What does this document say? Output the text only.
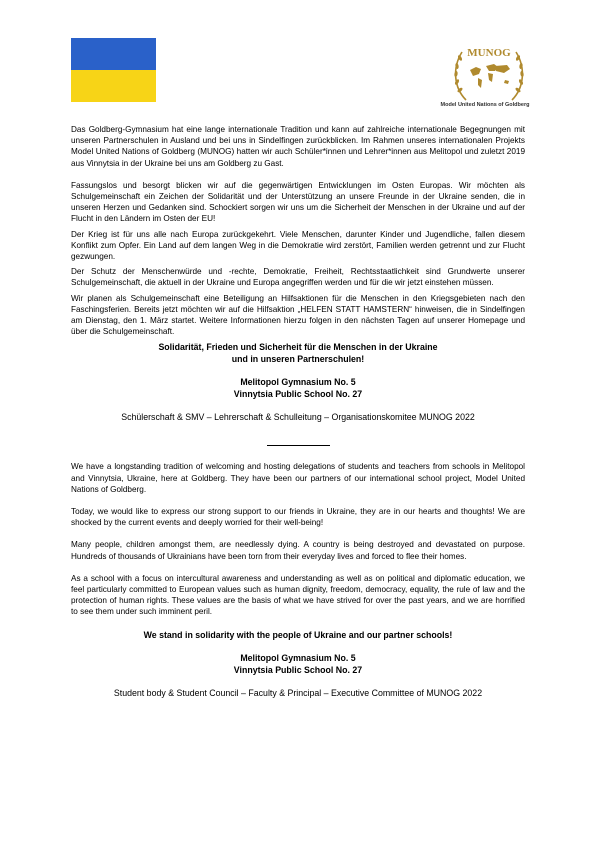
MUNOG
Model United Nations of Goldberg

Das Goldberg-Gymnasium hat eine lange internationale Tradition und kann auf zahlreiche internationale Begegnungen mit unseren Partnerschulen in Ausland und bei uns in Sindelfingen zurückblicken. Im Rahmen unseres internationalen Projekts Model United Nations of Goldberg (MUNOG) hatten wir auch Schüler*innen und Lehrer*innen aus Melitopol und zuletzt 2019 aus Vinnytsia in der Ukraine bei uns am Goldberg zu Gast.

Fassungslos und besorgt blicken wir auf die gegenwärtigen Entwicklungen im Osten Europas. Wir möchten als Schulgemeinschaft ein Zeichen der Solidarität und der Unterstützung an unsere Freunde in der Ukraine senden, die in unseren Herzen und Gedanken sind. Schockiert sorgen wir uns um die Sicherheit der Menschen in der Ukraine und auf der Flucht in den Ländern im Osten der EU!

Der Krieg ist für uns alle nach Europa zurückgekehrt. Viele Menschen, darunter Kinder und Jugendliche, fallen diesem Konflikt zum Opfer. Ein Land auf dem langen Weg in die Demokratie wird zerstört, Familien werden getrennt und zur Flucht gezwungen.

Der Schutz der Menschenwürde und -rechte, Demokratie, Freiheit, Rechtsstaatlichkeit sind Grundwerte unserer Schulgemeinschaft, die aktuell in der Ukraine und Europa angegriffen werden und für die wir jetzt einstehen müssen.

Wir planen als Schulgemeinschaft eine Beteiligung an Hilfsaktionen für die Menschen in den Kriegsgebieten nach den Faschingsferien. Bereits jetzt möchten wir auf die Hilfsaktion „HELFEN STATT HAMSTERN“ hinweisen, die in Sindelfingen am Dienstag, den 1. März startet. Weitere Informationen hierzu folgen in den nächsten Tagen auf unserer Homepage und über die Schulgemeinschaft.

Solidarität, Frieden und Sicherheit für die Menschen in der Ukraine

und in unseren Partnerschulen!

Melitopol Gymnasium No. 5

Vinnytsia Public School No. 27

Schülerschaft & SMV – Lehrerschaft & Schulleitung – Organisationskomitee MUNOG 2022

We have a longstanding tradition of welcoming and hosting delegations of students and teachers from schools in Melitopol and Vinnytsia, Ukraine, here at Goldberg. They have been our partners of our international school project, Model United Nations of Goldberg.

Today, we would like to express our strong support to our friends in Ukraine, they are in our hearts and thoughts! We are shocked by the current events and deeply worried for their well-being!

Many people, children amongst them, are needlessly dying. A country is being destroyed and devastated on purpose. Hundreds of thousands of Ukrainians have been torn from their everyday lives and forced to flee their homes.

As a school with a focus on intercultural awareness and understanding as well as on political and diplomatic education, we feel particularly committed to European values such as human dignity, freedom, democracy, equality, the rule of law and the protection of human rights. These values are the basis of what we have strived for over the past years, and we are horrified to see them under such imminent peril.

We stand in solidarity with the people of Ukraine and our partner schools!

Melitopol Gymnasium No. 5

Vinnytsia Public School No. 27

Student body & Student Council – Faculty & Principal – Executive Committee of MUNOG 2022
